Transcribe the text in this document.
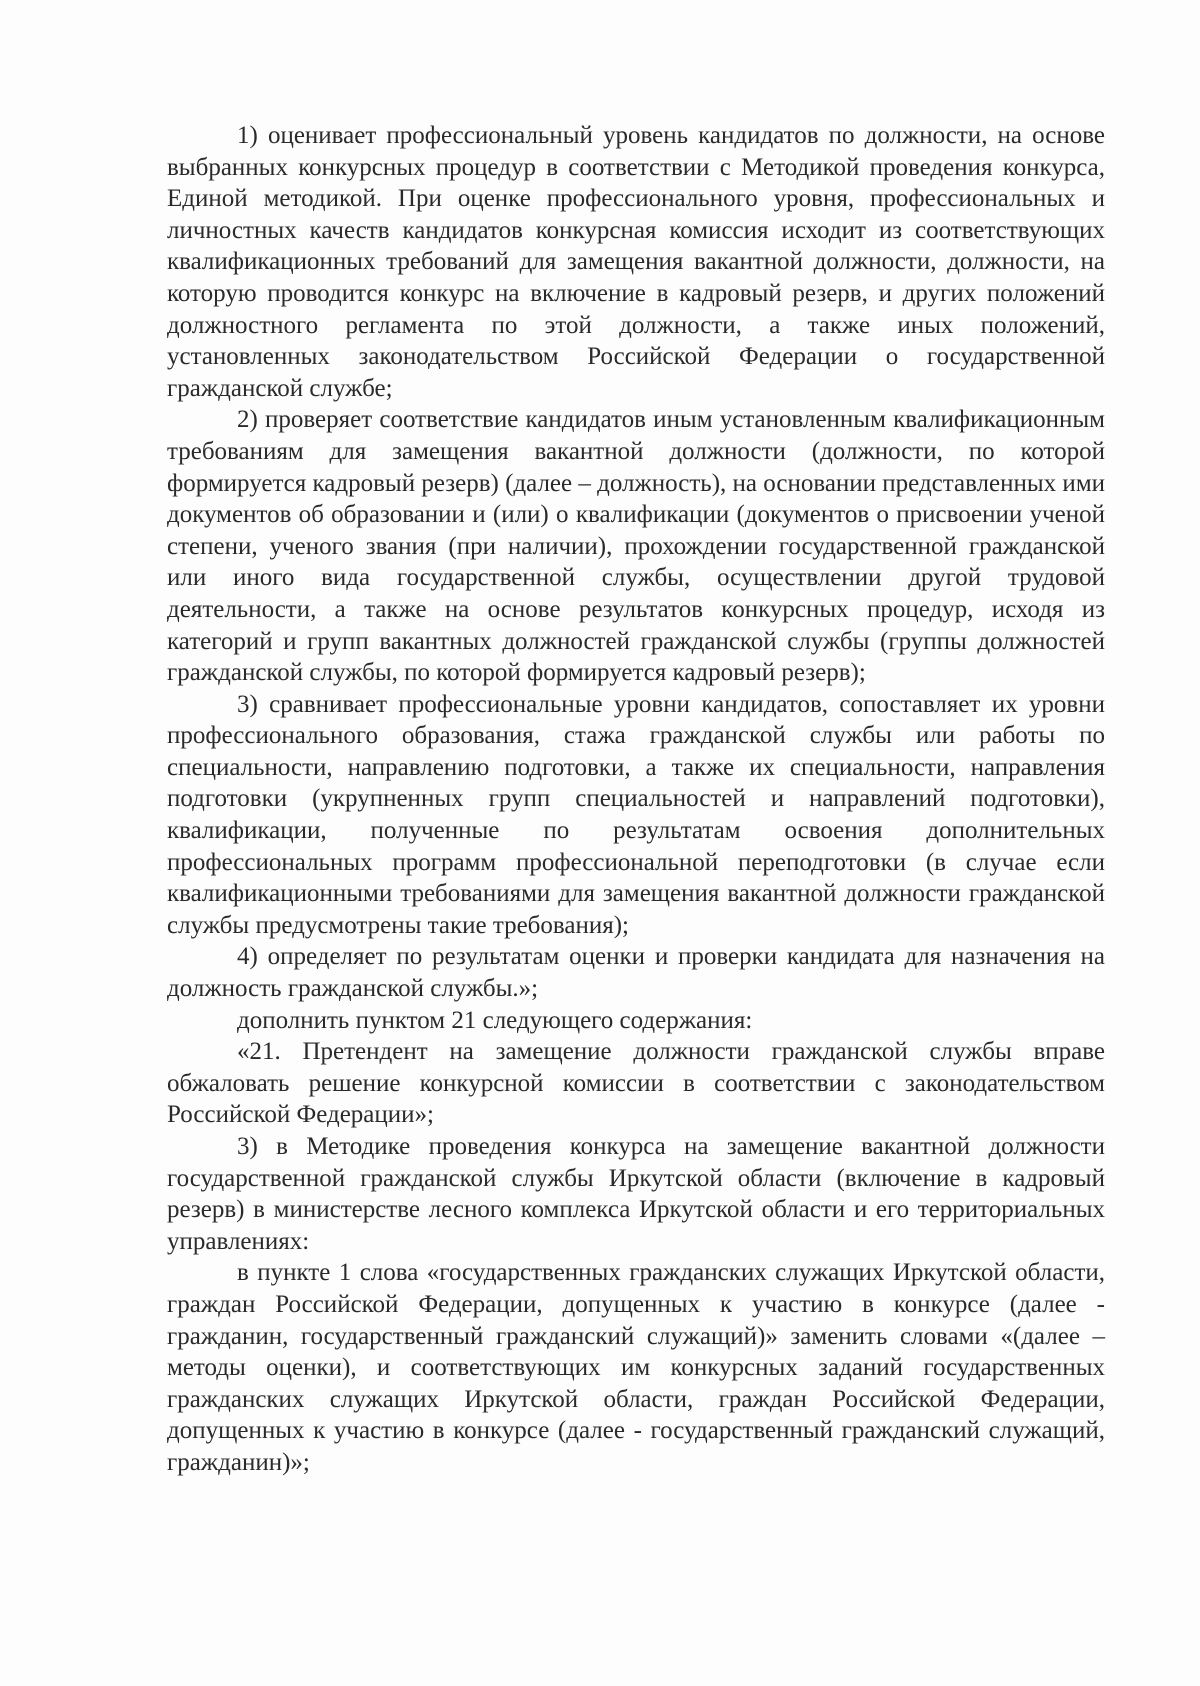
1) оценивает профессиональный уровень кандидатов по должности, на основе выбранных конкурсных процедур в соответствии с Методикой проведения конкурса, Единой методикой. При оценке профессионального уровня, профессиональных и личностных качеств кандидатов конкурсная комиссия исходит из соответствующих квалификационных требований для замещения вакантной должности, должности, на которую проводится конкурс на включение в кадровый резерв, и других положений должностного регламента по этой должности, а также иных положений, установленных законодательством Российской Федерации о государственной гражданской службе;

2) проверяет соответствие кандидатов иным установленным квалификационным требованиям для замещения вакантной должности (должности, по которой формируется кадровый резерв) (далее – должность), на основании представленных ими документов об образовании и (или) о квалификации (документов о присвоении ученой степени, ученого звания (при наличии), прохождении государственной гражданской или иного вида государственной службы, осуществлении другой трудовой деятельности, а также на основе результатов конкурсных процедур, исходя из категорий и групп вакантных должностей гражданской службы (группы должностей гражданской службы, по которой формируется кадровый резерв);

3) сравнивает профессиональные уровни кандидатов, сопоставляет их уровни профессионального образования, стажа гражданской службы или работы по специальности, направлению подготовки, а также их специальности, направления подготовки (укрупненных групп специальностей и направлений подготовки), квалификации, полученные по результатам освоения дополнительных профессиональных программ профессиональной переподготовки (в случае если квалификационными требованиями для замещения вакантной должности гражданской службы предусмотрены такие требования);

4) определяет по результатам оценки и проверки кандидата для назначения на должность гражданской службы.»;

дополнить пунктом 21 следующего содержания:

«21. Претендент на замещение должности гражданской службы вправе обжаловать решение конкурсной комиссии в соответствии с законодательством Российской Федерации»;

3) в Методике проведения конкурса на замещение вакантной должности государственной гражданской службы Иркутской области (включение в кадровый резерв) в министерстве лесного комплекса Иркутской области и его территориальных управлениях:

в пункте 1 слова «государственных гражданских служащих Иркутской области, граждан Российской Федерации, допущенных к участию в конкурсе (далее - гражданин, государственный гражданский служащий)» заменить словами «(далее – методы оценки), и соответствующих им конкурсных заданий государственных гражданских служащих Иркутской области, граждан Российской Федерации, допущенных к участию в конкурсе (далее - государственный гражданский служащий, гражданин)»;
